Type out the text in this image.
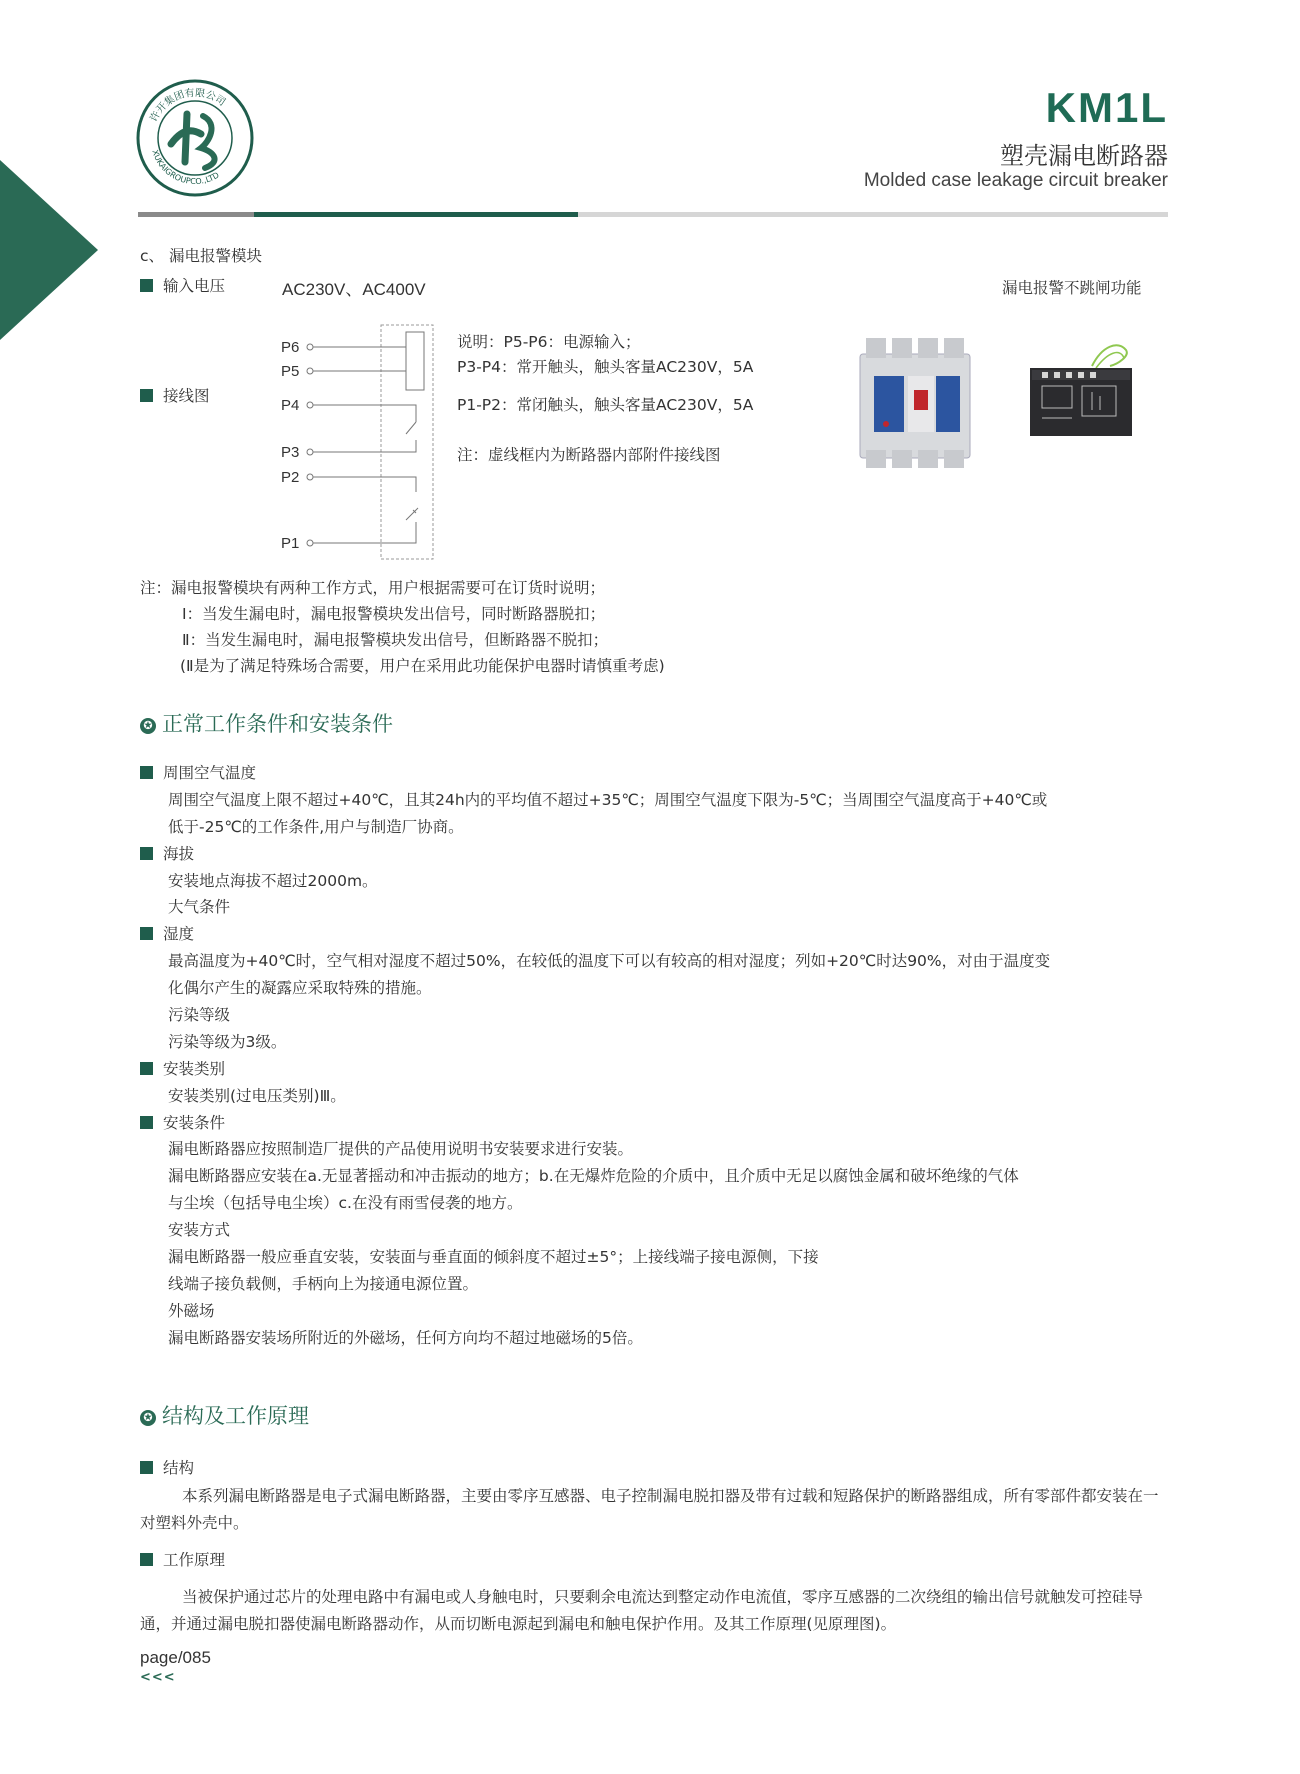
许开集团有限公司
XUKAIGROUPCO.,LTD
KM1L
塑壳漏电断路器
Molded case leakage circuit breaker
c、 漏电报警模块
输入电压	AC230V、AC400V	漏电报警不跳闸功能
接线图
P6
P5
P4
P3
P2
P1
说明：P5-P6：电源输入；
P3-P4：常开触头，触头客量AC230V，5A
P1-P2：常闭触头，触头客量AC230V，5A
注：虚线框内为断路器内部附件接线图
注：漏电报警模块有两种工作方式，用户根据需要可在订货时说明；
Ⅰ：当发生漏电时，漏电报警模块发出信号，同时断路器脱扣；
Ⅱ：当发生漏电时，漏电报警模块发出信号，但断路器不脱扣；
(Ⅱ是为了满足特殊场合需要，用户在采用此功能保护电器时请慎重考虑)
✪ 正常工作条件和安装条件
周围空气温度
周围空气温度上限不超过+40℃，且其24h内的平均值不超过+35℃；周围空气温度下限为-5℃；当周围空气温度高于+40℃或
低于-25℃的工作条件,用户与制造厂协商。
海拔
安装地点海拔不超过2000m。
大气条件
湿度
最高温度为+40℃时，空气相对湿度不超过50%，在较低的温度下可以有较高的相对湿度；列如+20℃时达90%，对由于温度变
化偶尔产生的凝露应采取特殊的措施。
污染等级
污染等级为3级。
安装类别
安装类别(过电压类别)Ⅲ。
安装条件
漏电断路器应按照制造厂提供的产品使用说明书安装要求进行安装。
漏电断路器应安装在a.无显著摇动和冲击振动的地方；b.在无爆炸危险的介质中，且介质中无足以腐蚀金属和破坏绝缘的气体
与尘埃（包括导电尘埃）c.在没有雨雪侵袭的地方。
安装方式
漏电断路器一般应垂直安装，安装面与垂直面的倾斜度不超过±5°；上接线端子接电源侧，下接
线端子接负载侧，手柄向上为接通电源位置。
外磁场
漏电断路器安装场所附近的外磁场，任何方向均不超过地磁场的5倍。
✪ 结构及工作原理
结构
本系列漏电断路器是电子式漏电断路器，主要由零序互感器、电子控制漏电脱扣器及带有过载和短路保护的断路器组成，所有零部件都安装在一对塑料外壳中。
工作原理
当被保护通过芯片的处理电路中有漏电或人身触电时，只要剩余电流达到整定动作电流值，零序互感器的二次绕组的输出信号就触发可控硅导通，并通过漏电脱扣器使漏电断路器动作，从而切断电源起到漏电和触电保护作用。及其工作原理(见原理图)。
page/085
<<<
